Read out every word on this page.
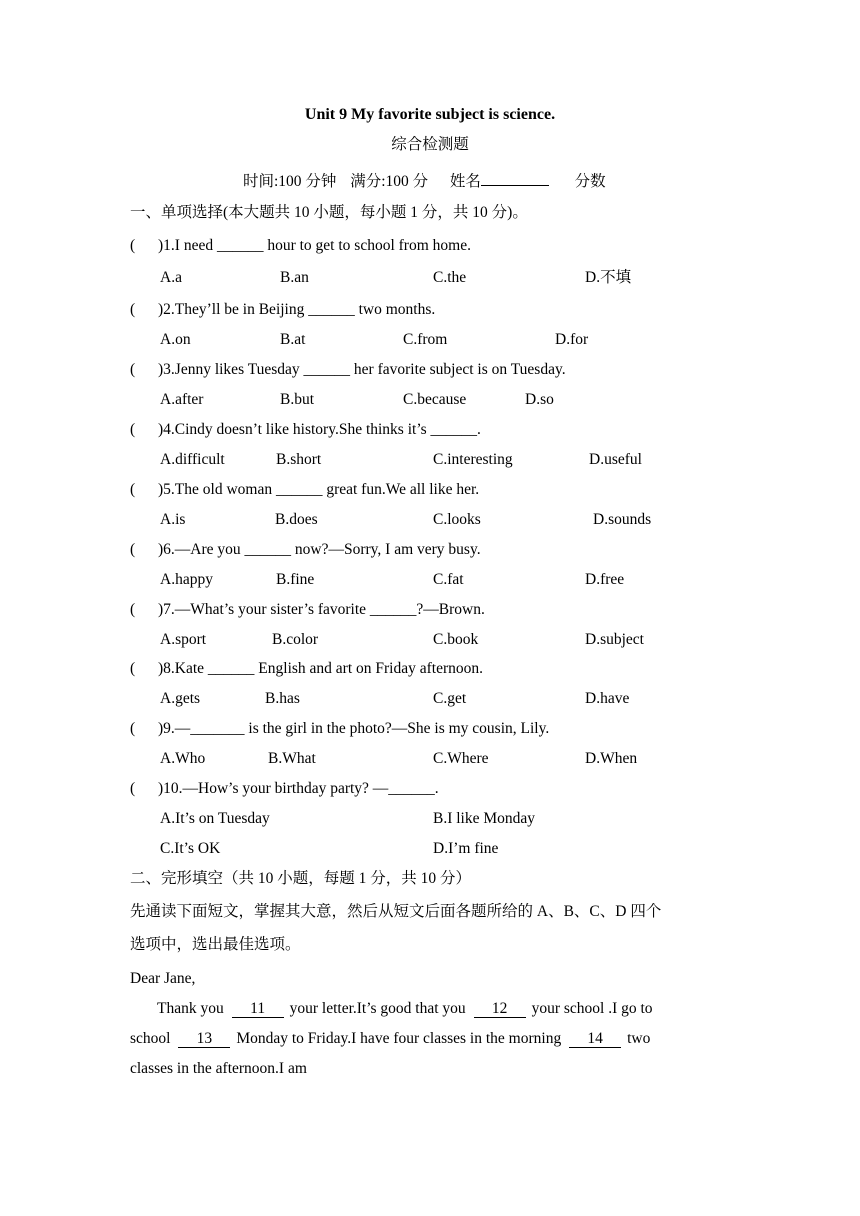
Unit 9 My favorite subject is science.
综合检测题
时间:100 分钟 满分:100 分 姓名	分数
一、单项选择(本大题共 10 小题，每小题 1 分，共 10 分)。
( )1.I need ______ hour to get to school from home.
A.a	B.an	C.the	D.不填
( )2.They’ll be in Beijing ______ two months.
A.on	B.at	C.from	D.for
( )3.Jenny likes Tuesday ______ her favorite subject is on Tuesday.
A.after	B.but	C.because	D.so
( )4.Cindy doesn’t like history.She thinks it’s ______.
A.difficult	B.short	C.interesting	D.useful
( )5.The old woman ______ great fun.We all like her.
A.is	B.does	C.looks	D.sounds
( )6.—Are you ______ now?—Sorry, I am very busy.
A.happy	B.fine	C.fat	D.free
( )7.—What’s your sister’s favorite ______?—Brown.
A.sport	B.color	C.book	D.subject
( )8.Kate ______ English and art on Friday afternoon.
A.gets	B.has	C.get	D.have
( )9.—_______ is the girl in the photo?—She is my cousin, Lily.
A.Who	B.What	C.Where	D.When
( )10.—How’s your birthday party? —______.
A.It’s on Tuesday	B.I like Monday
C.It’s OK	D.I’m fine
二、完形填空（共 10 小题，每题 1 分，共 10 分）
先通读下面短文，掌握其大意，然后从短文后面各题所给的 A、B、C、D 四个
选项中，选出最佳选项。
Dear Jane,
Thank you 11 your letter.It’s good that you 12 your school .I go to
school 13 Monday to Friday.I have four classes in the morning 14 two
classes in the afternoon.I am
